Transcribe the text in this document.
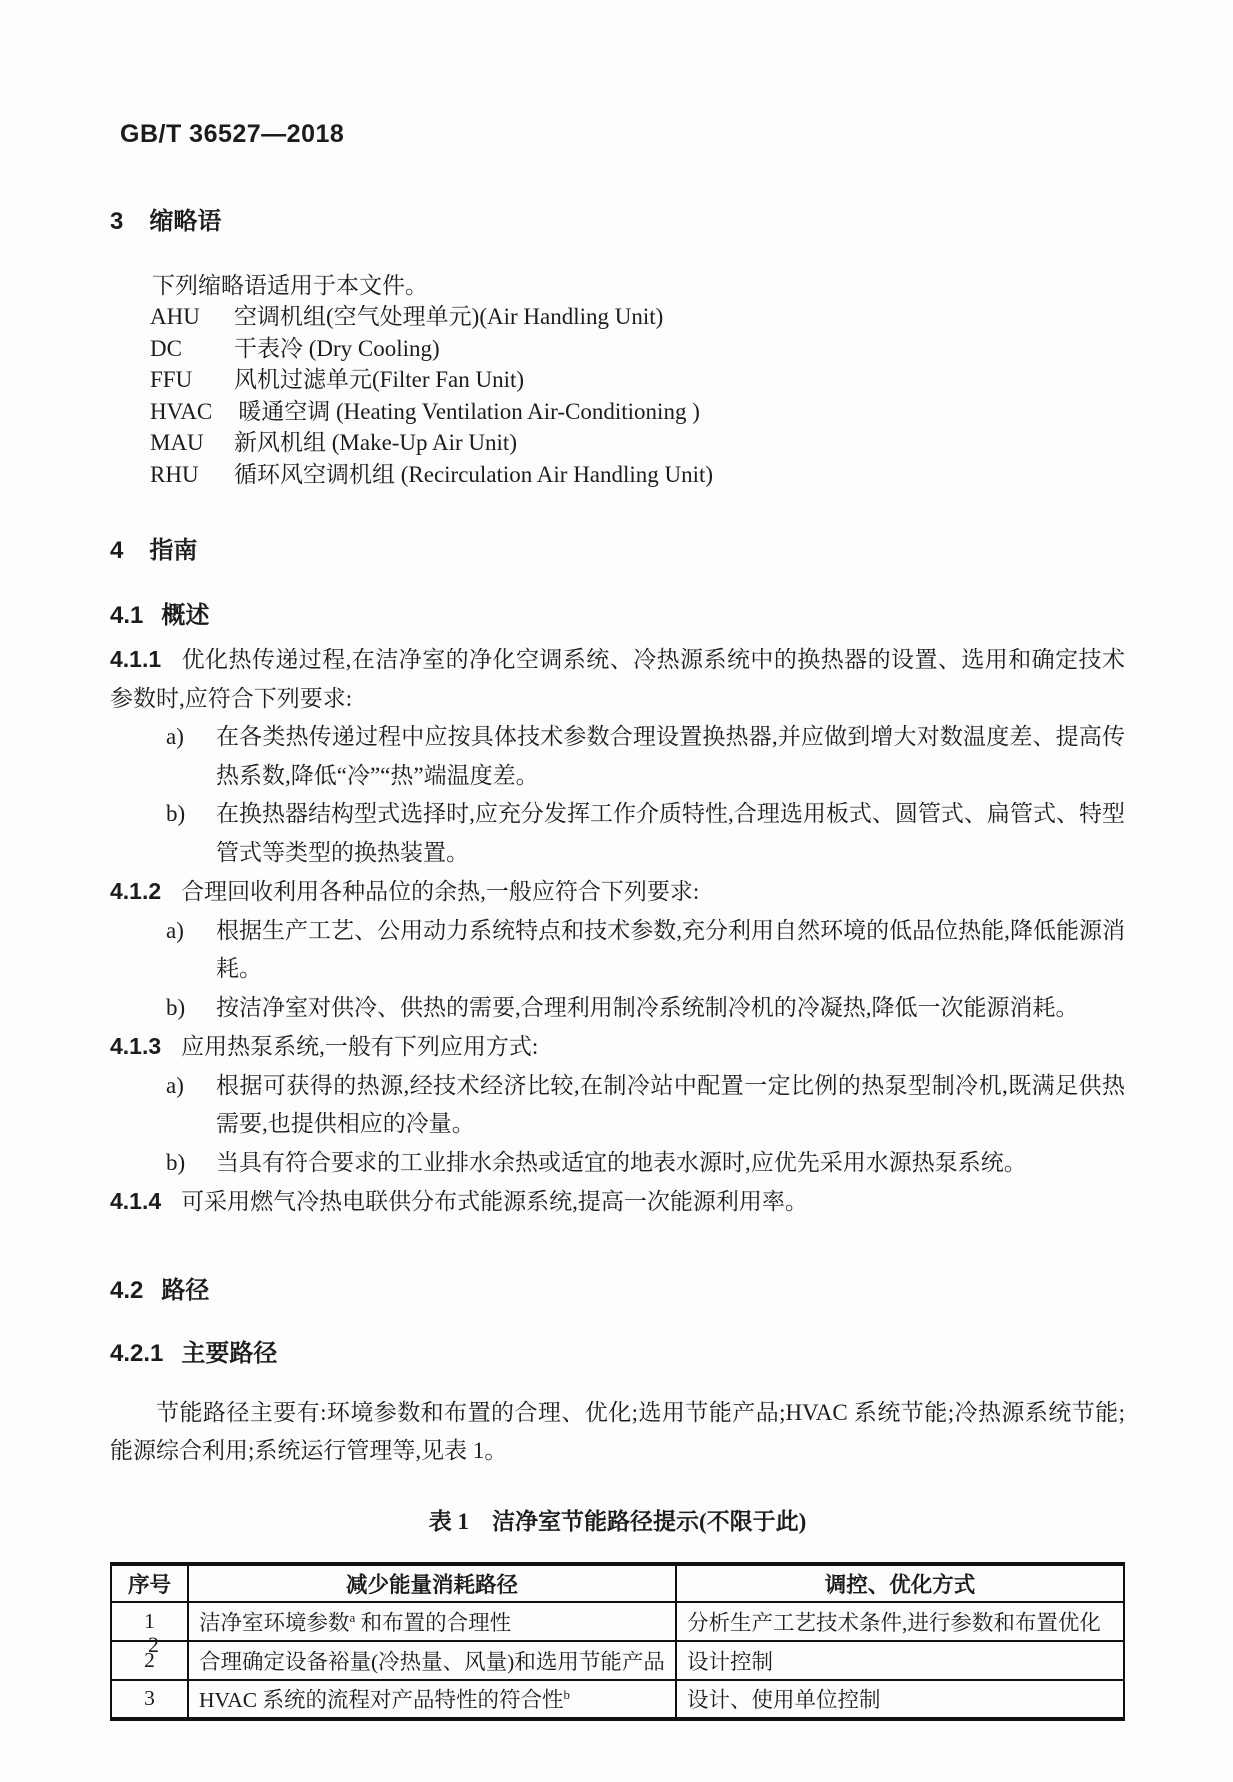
GB/T 36527—2018
3 缩略语
下列缩略语适用于本文件。
AHU 空调机组(空气处理单元)(Air Handling Unit)
DC 干表冷 (Dry Cooling)
FFU 风机过滤单元(Filter Fan Unit)
HVAC 暖通空调 (Heating Ventilation Air-Conditioning )
MAU 新风机组 (Make-Up Air Unit)
RHU 循环风空调机组 (Recirculation Air Handling Unit)
4 指南
4.1 概述

4.1.1 优化热传递过程,在洁净室的净化空调系统、冷热源系统中的换热器的设置、选用和确定技术参数时,应符合下列要求:

a)	在各类热传递过程中应按具体技术参数合理设置换热器,并应做到增大对数温度差、提高传热系数,降低“冷”“热”端温度差。
b)	在换热器结构型式选择时,应充分发挥工作介质特性,合理选用板式、圆管式、扁管式、特型管式等类型的换热装置。

4.1.2 合理回收利用各种品位的余热,一般应符合下列要求:

a)	根据生产工艺、公用动力系统特点和技术参数,充分利用自然环境的低品位热能,降低能源消耗。
b)	按洁净室对供冷、供热的需要,合理利用制冷系统制冷机的冷凝热,降低一次能源消耗。

4.1.3 应用热泵系统,一般有下列应用方式:

a)	根据可获得的热源,经技术经济比较,在制冷站中配置一定比例的热泵型制冷机,既满足供热需要,也提供相应的冷量。
b)	当具有符合要求的工业排水余热或适宜的地表水源时,应优先采用水源热泵系统。

4.1.4 可采用燃气冷热电联供分布式能源系统,提高一次能源利用率。

4.2 路径
4.2.1 主要路径

节能路径主要有:环境参数和布置的合理、优化;选用节能产品;HVAC 系统节能;冷热源系统节能;能源综合利用;系统运行管理等,见表 1。

表 1　洁净室节能路径提示(不限于此)
序号	减少能量消耗路径	调控、优化方式
1	洁净室环境参数$^a$ 和布置的合理性	分析生产工艺技术条件,进行参数和布置优化
2	合理确定设备裕量(冷热量、风量)和选用节能产品	设计控制
3	HVAC 系统的流程对产品特性的符合性$^b$	设计、使用单位控制
2
